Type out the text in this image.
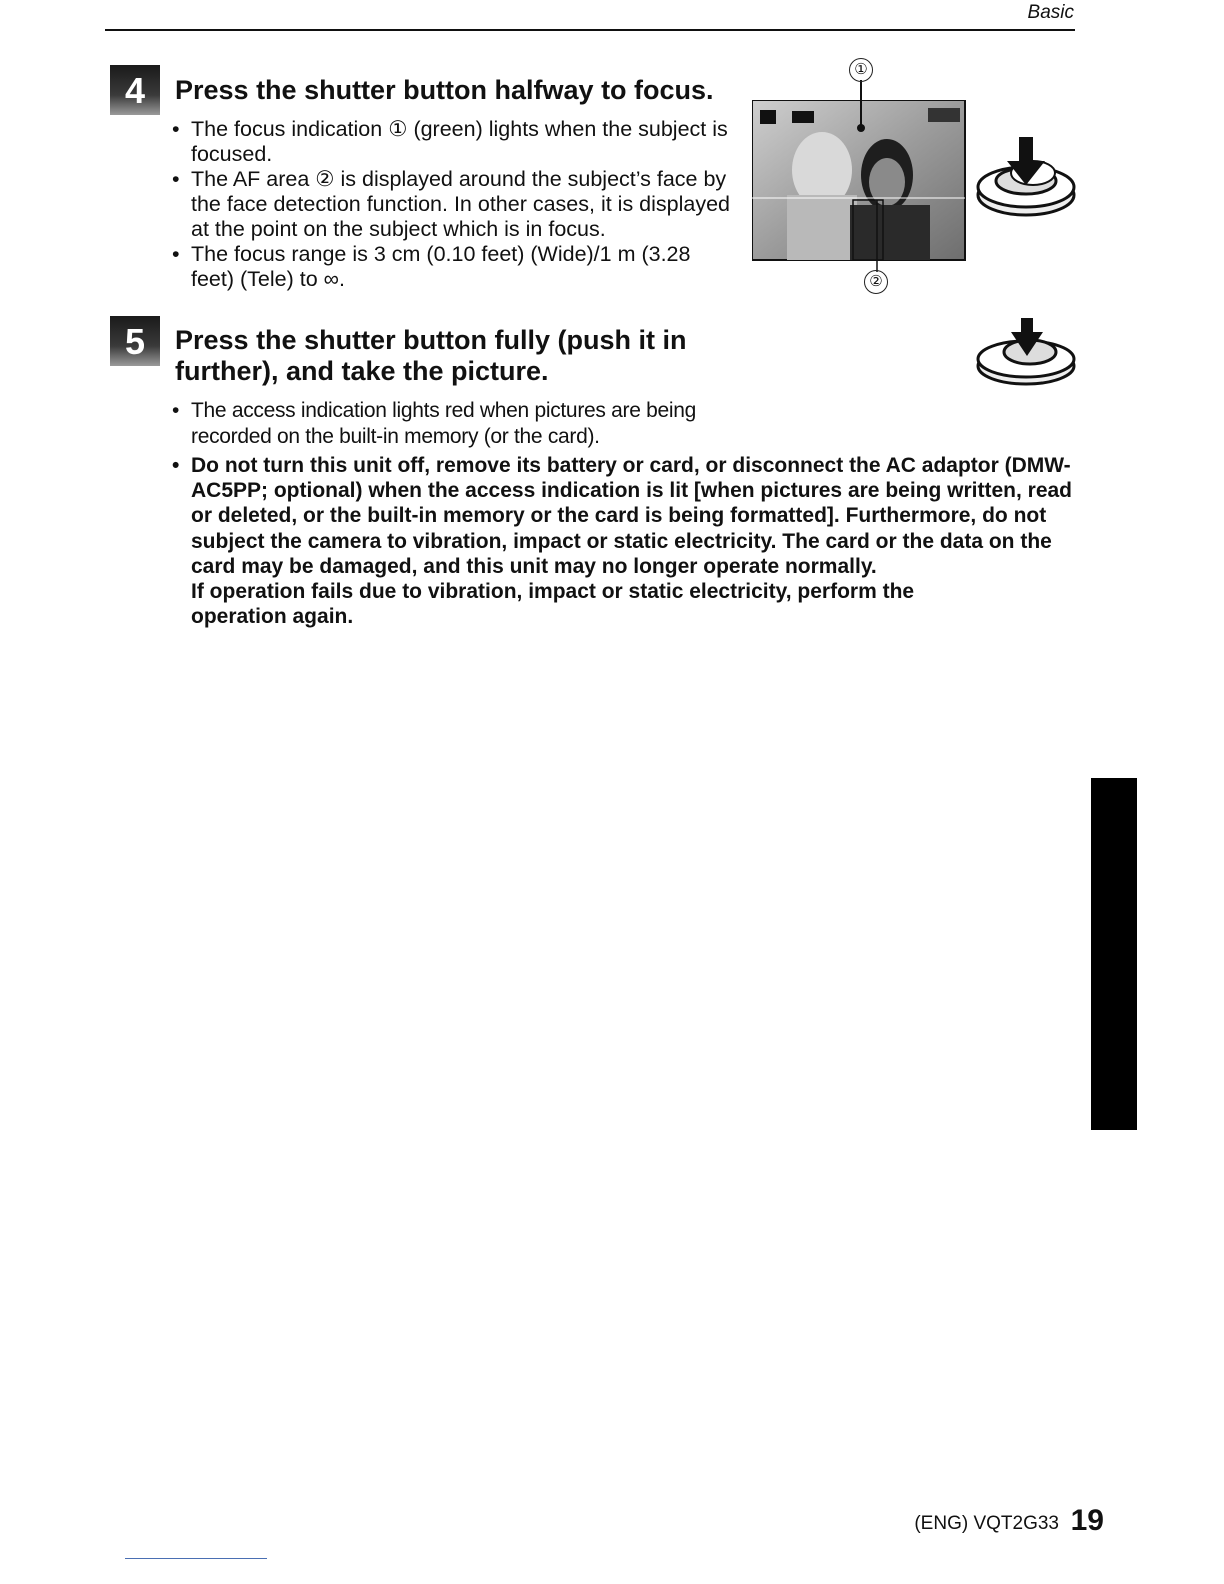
Basic
4 Press the shutter button halfway to focus.
• The focus indication ① (green) lights when the subject is focused.
• The AF area ② is displayed around the subject’s face by the face detection function. In other cases, it is displayed at the point on the subject which is in focus.
• The focus range is 3 cm (0.10 feet) (Wide)/1 m (3.28 feet) (Tele) to ∞.
①
②
5 Press the shutter button fully (push it in
further), and take the picture.
• The access indication lights red when pictures are being recorded on the built-in memory (or the card).
• Do not turn this unit off, remove its battery or card, or disconnect the AC adaptor (DMW-AC5PP; optional) when the access indication is lit [when pictures are being written, read or deleted, or the built-in memory or the card is being formatted]. Furthermore, do not subject the camera to vibration, impact or static electricity. The card or the data on the card may be damaged, and this unit may no longer operate normally.

If operation fails due to vibration, impact or static electricity, perform the operation again.

(ENG) VQT2G33 19
